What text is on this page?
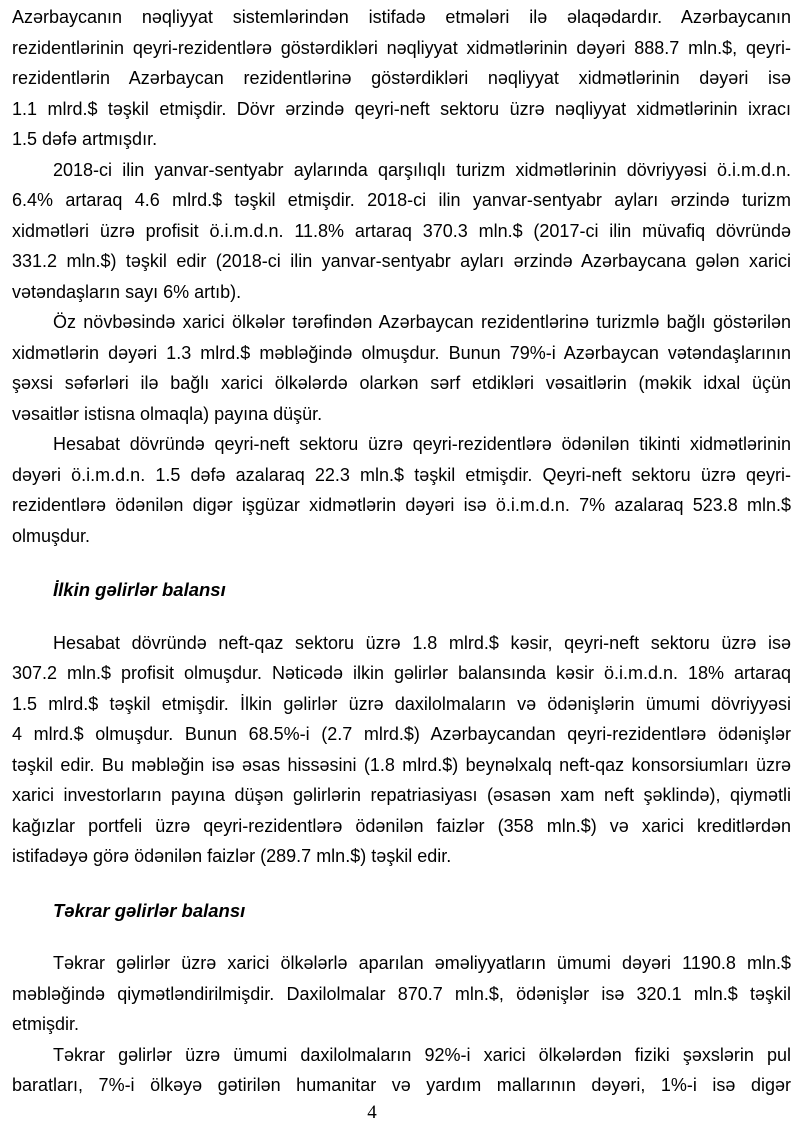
Azərbaycanın nəqliyyat sistemlərindən istifadə etmələri ilə əlaqədardır. Azərbaycanın
rezidentlərinin qeyri-rezidentlərə göstərdikləri nəqliyyat xidmətlərinin dəyəri 888.7 mln.$, qeyri-
rezidentlərin Azərbaycan rezidentlərinə göstərdikləri nəqliyyat xidmətlərinin dəyəri isə
1.1 mlrd.$ təşkil etmişdir. Dövr ərzində qeyri-neft sektoru üzrə nəqliyyat xidmətlərinin ixracı
1.5 dəfə artmışdır.
2018-ci ilin yanvar-sentyabr aylarında qarşılıqlı turizm xidmətlərinin dövriyyəsi ö.i.m.d.n.
6.4% artaraq 4.6 mlrd.$ təşkil etmişdir. 2018-ci ilin yanvar-sentyabr ayları ərzində turizm
xidmətləri üzrə profisit ö.i.m.d.n. 11.8% artaraq 370.3 mln.$ (2017-ci ilin müvafiq dövründə
331.2 mln.$) təşkil edir (2018-ci ilin yanvar-sentyabr ayları ərzində Azərbaycana gələn xarici
vətəndaşların sayı 6% artıb).
Öz növbəsində xarici ölkələr tərəfindən Azərbaycan rezidentlərinə turizmlə bağlı göstərilən
xidmətlərin dəyəri 1.3 mlrd.$ məbləğində olmuşdur. Bunun 79%-i Azərbaycan vətəndaşlarının
şəxsi səfərləri ilə bağlı xarici ölkələrdə olarkən sərf etdikləri vəsaitlərin (məkik idxal üçün
vəsaitlər istisna olmaqla) payına düşür.
Hesabat dövründə qeyri-neft sektoru üzrə qeyri-rezidentlərə ödənilən tikinti xidmətlərinin
dəyəri ö.i.m.d.n. 1.5 dəfə azalaraq 22.3 mln.$ təşkil etmişdir. Qeyri-neft sektoru üzrə qeyri-
rezidentlərə ödənilən digər işgüzar xidmətlərin dəyəri isə ö.i.m.d.n. 7% azalaraq 523.8 mln.$
olmuşdur.
İlkin gəlirlər balansı
Hesabat dövründə neft-qaz sektoru üzrə 1.8 mlrd.$ kəsir, qeyri-neft sektoru üzrə isə
307.2 mln.$ profisit olmuşdur. Nəticədə ilkin gəlirlər balansında kəsir ö.i.m.d.n. 18% artaraq
1.5 mlrd.$ təşkil etmişdir. İlkin gəlirlər üzrə daxilolmaların və ödənişlərin ümumi dövriyyəsi
4 mlrd.$ olmuşdur. Bunun 68.5%-i (2.7 mlrd.$) Azərbaycandan qeyri-rezidentlərə ödənişlər
təşkil edir. Bu məbləğin isə əsas hissəsini (1.8 mlrd.$) beynəlxalq neft-qaz konsorsiumları üzrə
xarici investorların payına düşən gəlirlərin repatriasiyası (əsasən xam neft şəklində), qiymətli
kağızlar portfeli üzrə qeyri-rezidentlərə ödənilən faizlər (358 mln.$) və xarici kreditlərdən
istifadəyə görə ödənilən faizlər (289.7 mln.$) təşkil edir.
Təkrar gəlirlər balansı
Təkrar gəlirlər üzrə xarici ölkələrlə aparılan əməliyyatların ümumi dəyəri 1190.8 mln.$
məbləğində qiymətləndirilmişdir. Daxilolmalar 870.7 mln.$, ödənişlər isə 320.1 mln.$ təşkil
etmişdir.
Təkrar gəlirlər üzrə ümumi daxilolmaların 92%-i xarici ölkələrdən fiziki şəxslərin pul
baratları, 7%-i ölkəyə gətirilən humanitar və yardım mallarının dəyəri, 1%-i isə digər
4
